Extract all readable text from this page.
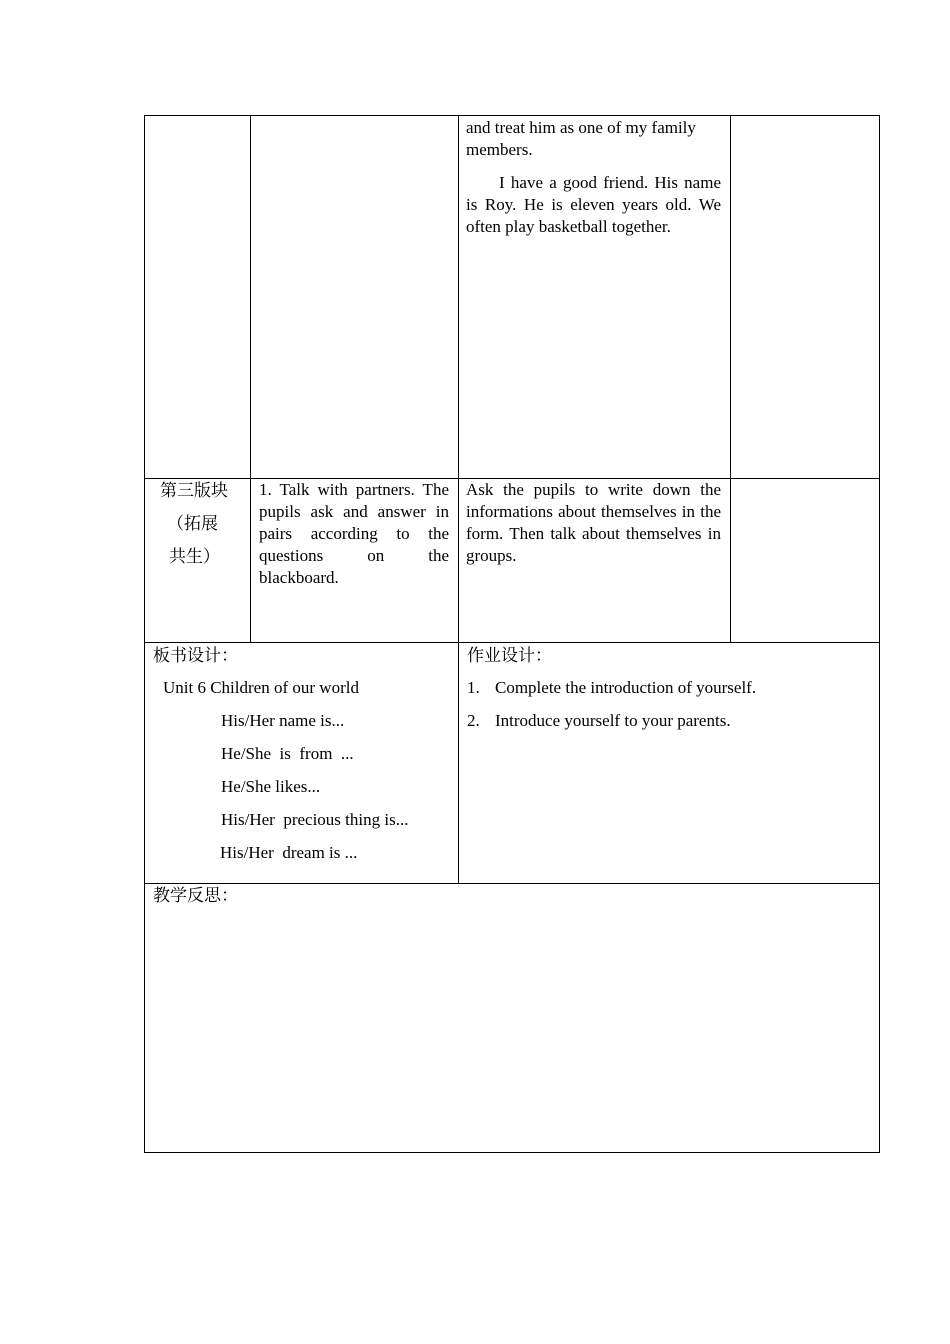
and treat him as one of my family
members.
I have a good friend. His name is Roy. He is eleven years old. We often play basketball together.
第三版块
（拓展
共生）
1. Talk with partners. The pupils ask and answer in pairs according to the questions on the blackboard.
Ask the pupils to write down the informations about themselves in the form. Then talk about themselves in groups.
板书设计：
Unit 6 Children of our world
His/Her name is...
He/She  is  from  ...
He/She likes...
His/Her  precious thing is...
His/Her  dream is ...
作业设计：
1. Complete the introduction of yourself.
2. Introduce yourself to your parents.
教学反思：
